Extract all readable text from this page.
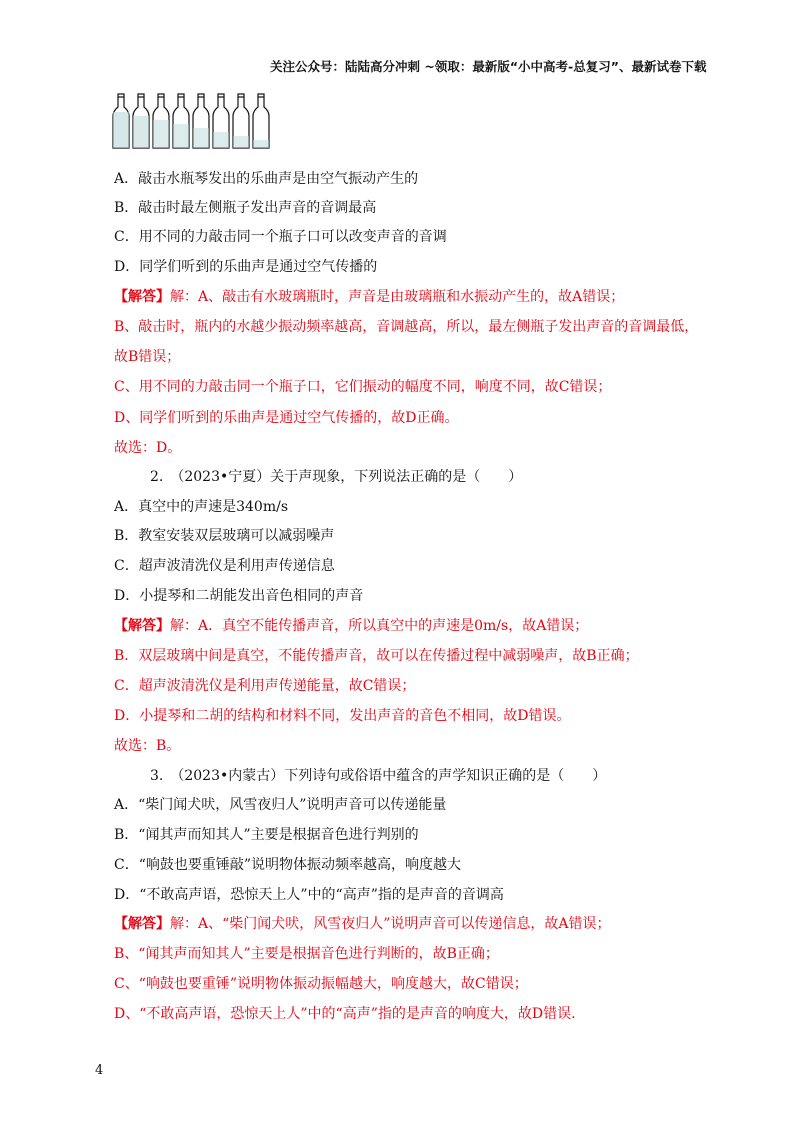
关注公众号：陆陆高分冲刺 ~领取：最新版“小中高考-总复习”、最新试卷下载
A．敲击水瓶琴发出的乐曲声是由空气振动产生的
B．敲击时最左侧瓶子发出声音的音调最高
C．用不同的力敲击同一个瓶子口可以改变声音的音调
D．同学们听到的乐曲声是通过空气传播的
【解答】解：A、敲击有水玻璃瓶时，声音是由玻璃瓶和水振动产生的，故A错误；
B、敲击时，瓶内的水越少振动频率越高，音调越高，所以，最左侧瓶子发出声音的音调最低，
故B错误；
C、用不同的力敲击同一个瓶子口，它们振动的幅度不同，响度不同，故C错误；
D、同学们听到的乐曲声是通过空气传播的，故D正确。
故选：D。
2.　（2023•宁夏）关于声现象，下列说法正确的是（　　）
A．真空中的声速是340m/s
B．教室安装双层玻璃可以减弱噪声
C．超声波清洗仪是利用声传递信息
D．小提琴和二胡能发出音色相同的声音
【解答】解：A．真空不能传播声音，所以真空中的声速是0m/s，故A错误；
B．双层玻璃中间是真空，不能传播声音，故可以在传播过程中减弱噪声，故B正确；
C．超声波清洗仪是利用声传递能量，故C错误；
D．小提琴和二胡的结构和材料不同，发出声音的音色不相同，故D错误。
故选：B。
3.　（2023•内蒙古）下列诗句或俗语中蕴含的声学知识正确的是（　　）
A．“柴门闻犬吠，风雪夜归人”说明声音可以传递能量
B．“闻其声而知其人”主要是根据音色进行判别的
C．“响鼓也要重锤敲”说明物体振动频率越高，响度越大
D．“不敢高声语，恐惊天上人”中的“高声”指的是声音的音调高
【解答】解：A、“柴门闻犬吠，风雪夜归人”说明声音可以传递信息，故A错误；
B、“闻其声而知其人”主要是根据音色进行判断的，故B正确；
C、“响鼓也要重锤”说明物体振动振幅越大，响度越大，故C错误；
D、“不敢高声语，恐惊天上人”中的“高声”指的是声音的响度大，故D错误.
4
